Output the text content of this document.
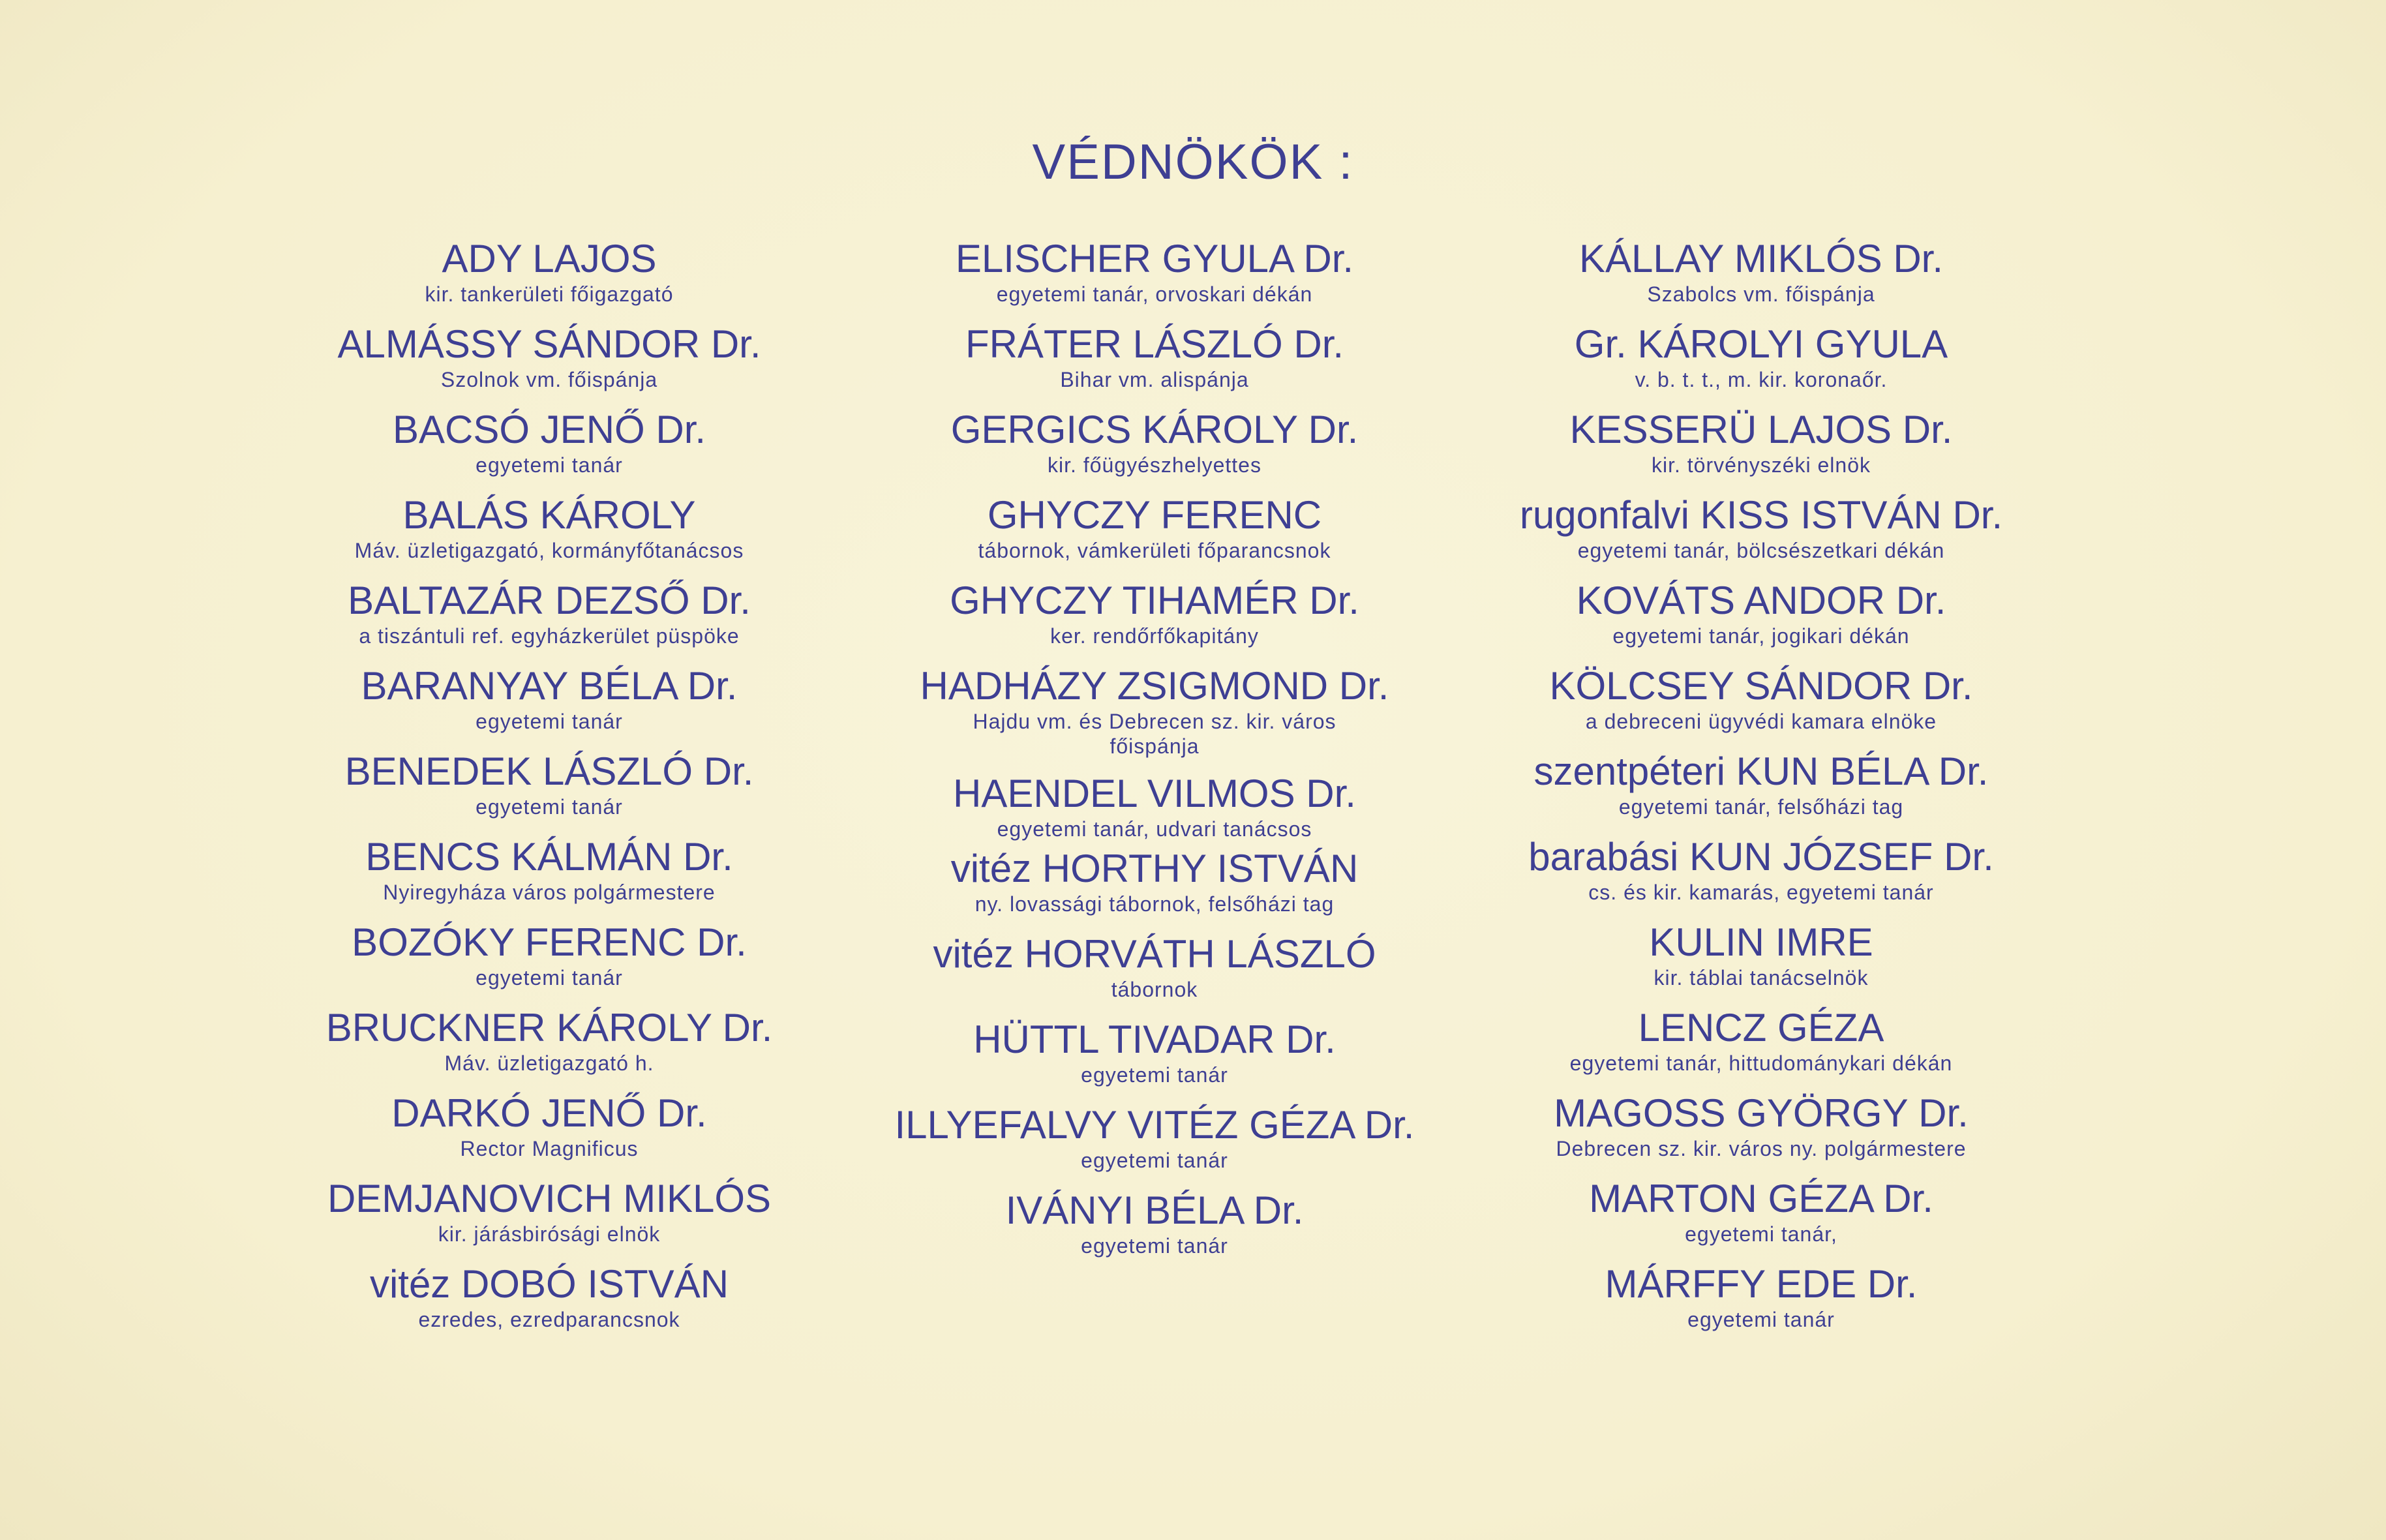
VÉDNÖKÖK :
ADY LAJOS
kir. tankerületi főigazgató
ALMÁSSY SÁNDOR Dr.
Szolnok vm. főispánja
BACSÓ JENŐ Dr.
egyetemi tanár
BALÁS KÁROLY
Máv. üzletigazgató, kormányfőtanácsos
BALTAZÁR DEZSŐ Dr.
a tiszántuli ref. egyházkerület püspöke
BARANYAY BÉLA Dr.
egyetemi tanár
BENEDEK LÁSZLÓ Dr.
egyetemi tanár
BENCS KÁLMÁN Dr.
Nyiregyháza város polgármestere
BOZÓKY FERENC Dr.
egyetemi tanár
BRUCKNER KÁROLY Dr.
Máv. üzletigazgató h.
DARKÓ JENŐ Dr.
Rector Magnificus
DEMJANOVICH MIKLÓS
kir. járásbirósági elnök
vitéz DOBÓ ISTVÁN
ezredes, ezredparancsnok
ELISCHER GYULA Dr.
egyetemi tanár, orvoskari dékán
FRÁTER LÁSZLÓ Dr.
Bihar vm. alispánja
GERGICS KÁROLY Dr.
kir. főügyészhelyettes
GHYCZY FERENC
tábornok, vámkerületi főparancsnok
GHYCZY TIHAMÉR Dr.
ker. rendőrfőkapitány
HADHÁZY ZSIGMOND Dr.
Hajdu vm. és Debrecen sz. kir. város főispánja
HAENDEL VILMOS Dr.
egyetemi tanár, udvari tanácsos
vitéz HORTHY ISTVÁN
ny. lovassági tábornok, felsőházi tag
vitéz HORVÁTH LÁSZLÓ
tábornok
HÜTTL TIVADAR Dr.
egyetemi tanár
ILLYEFALVY VITÉZ GÉZA Dr.
egyetemi tanár
IVÁNYI BÉLA Dr.
egyetemi tanár
KÁLLAY MIKLÓS Dr.
Szabolcs vm. főispánja
Gr. KÁROLYI GYULA
v. b. t. t., m. kir. koronaőr.
KESSERÜ LAJOS Dr.
kir. törvényszéki elnök
rugonfalvi KISS ISTVÁN Dr.
egyetemi tanár, bölcsészetkari dékán
KOVÁTS ANDOR Dr.
egyetemi tanár, jogikari dékán
KÖLCSEY SÁNDOR Dr.
a debreceni ügyvédi kamara elnöke
szentpéteri KUN BÉLA Dr.
egyetemi tanár, felsőházi tag
barabási KUN JÓZSEF Dr.
cs. és kir. kamarás, egyetemi tanár
KULIN IMRE
kir. táblai tanácselnök
LENCZ GÉZA
egyetemi tanár, hittudománykari dékán
MAGOSS GYÖRGY Dr.
Debrecen sz. kir. város ny. polgármestere
MARTON GÉZA Dr.
egyetemi tanár,
MÁRFFY EDE Dr.
egyetemi tanár
